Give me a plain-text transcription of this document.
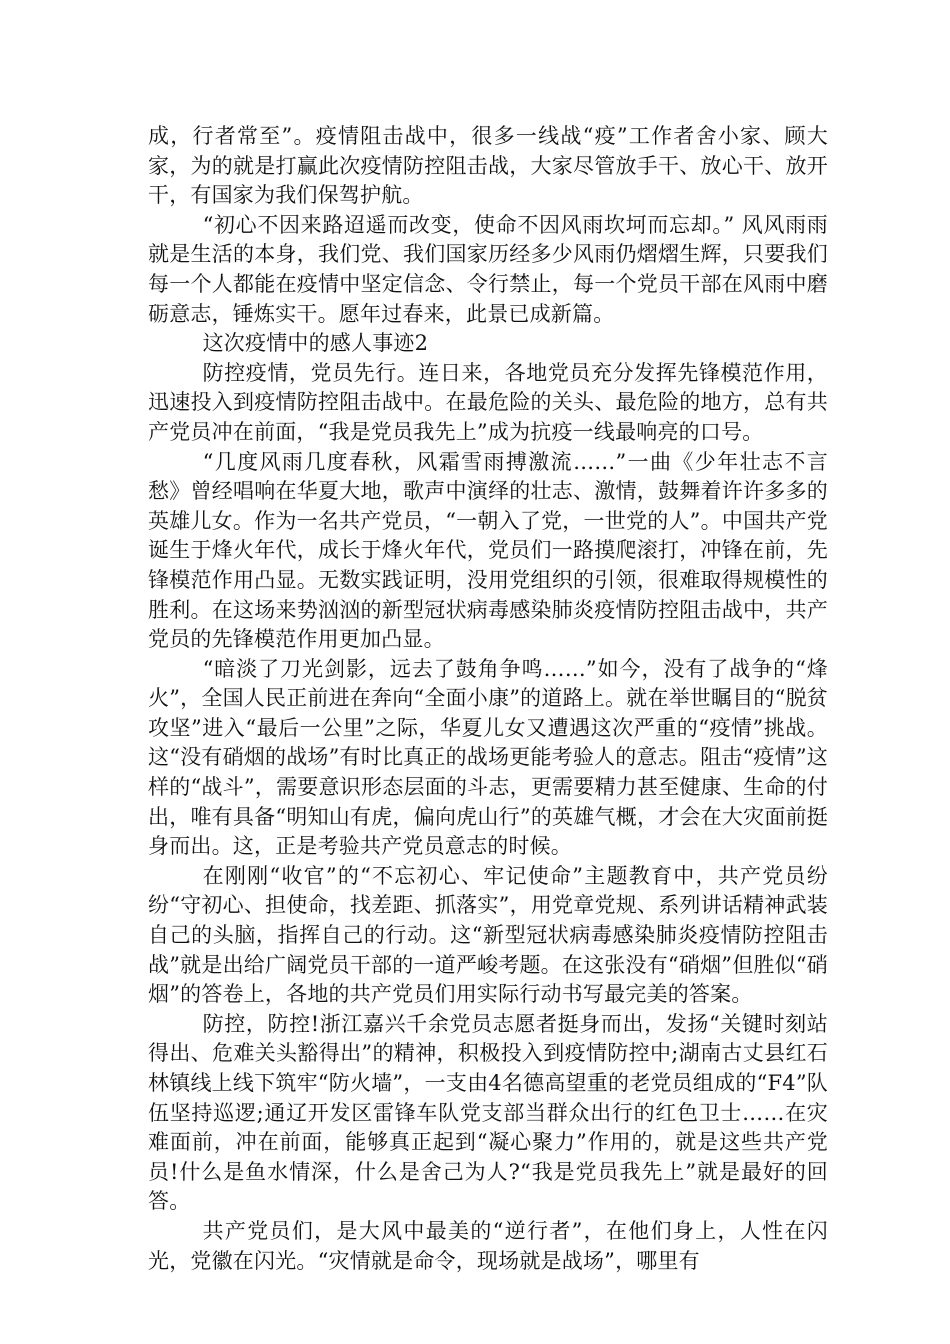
成，行者常至”。疫情阻击战中，很多一线战“疫”工作者舍小家、顾大家，为的就是打赢此次疫情防控阻击战，大家尽管放手干、放心干、放开干，有国家为我们保驾护航。

“初心不因来路迢遥而改变，使命不因风雨坎坷而忘却。” 风风雨雨就是生活的本身，我们党、我们国家历经多少风雨仍熠熠生辉，只要我们每一个人都能在疫情中坚定信念、令行禁止，每一个党员干部在风雨中磨砺意志，锤炼实干。愿年过春来，此景已成新篇。

这次疫情中的感人事迹2

防控疫情，党员先行。连日来，各地党员充分发挥先锋模范作用，迅速投入到疫情防控阻击战中。在最危险的关头、最危险的地方，总有共产党员冲在前面，“我是党员我先上”成为抗疫一线最响亮的口号。

“几度风雨几度春秋，风霜雪雨搏激流……”一曲《少年壮志不言愁》曾经唱响在华夏大地，歌声中演绎的壮志、激情，鼓舞着许许多多的英雄儿女。作为一名共产党员，“一朝入了党，一世党的人”。中国共产党诞生于烽火年代，成长于烽火年代，党员们一路摸爬滚打，冲锋在前，先锋模范作用凸显。无数实践证明，没用党组织的引领，很难取得规模性的胜利。在这场来势汹汹的新型冠状病毒感染肺炎疫情防控阻击战中，共产党员的先锋模范作用更加凸显。

“暗淡了刀光剑影，远去了鼓角争鸣……”如今，没有了战争的“烽火”，全国人民正前进在奔向“全面小康”的道路上。就在举世瞩目的“脱贫攻坚”进入“最后一公里”之际，华夏儿女又遭遇这次严重的“疫情”挑战。这“没有硝烟的战场”有时比真正的战场更能考验人的意志。阻击“疫情”这样的“战斗”，需要意识形态层面的斗志，更需要精力甚至健康、生命的付出，唯有具备“明知山有虎，偏向虎山行”的英雄气概，才会在大灾面前挺身而出。这，正是考验共产党员意志的时候。

在刚刚“收官”的“不忘初心、牢记使命”主题教育中，共产党员纷纷“守初心、担使命，找差距、抓落实”，用党章党规、系列讲话精神武装自己的头脑，指挥自己的行动。这“新型冠状病毒感染肺炎疫情防控阻击战”就是出给广阔党员干部的一道严峻考题。在这张没有“硝烟”但胜似“硝烟”的答卷上，各地的共产党员们用实际行动书写最完美的答案。

防控，防控!浙江嘉兴千余党员志愿者挺身而出，发扬“关键时刻站得出、危难关头豁得出”的精神，积极投入到疫情防控中;湖南古丈县红石林镇线上线下筑牢“防火墙”，一支由4名德高望重的老党员组成的“F4”队伍坚持巡逻;通辽开发区雷锋车队党支部当群众出行的红色卫士……在灾难面前，冲在前面，能够真正起到“凝心聚力”作用的，就是这些共产党员!什么是鱼水情深，什么是舍己为人?“我是党员我先上”就是最好的回答。

共产党员们，是大风中最美的“逆行者”，在他们身上，人性在闪光，党徽在闪光。“灾情就是命令，现场就是战场”，哪里有
